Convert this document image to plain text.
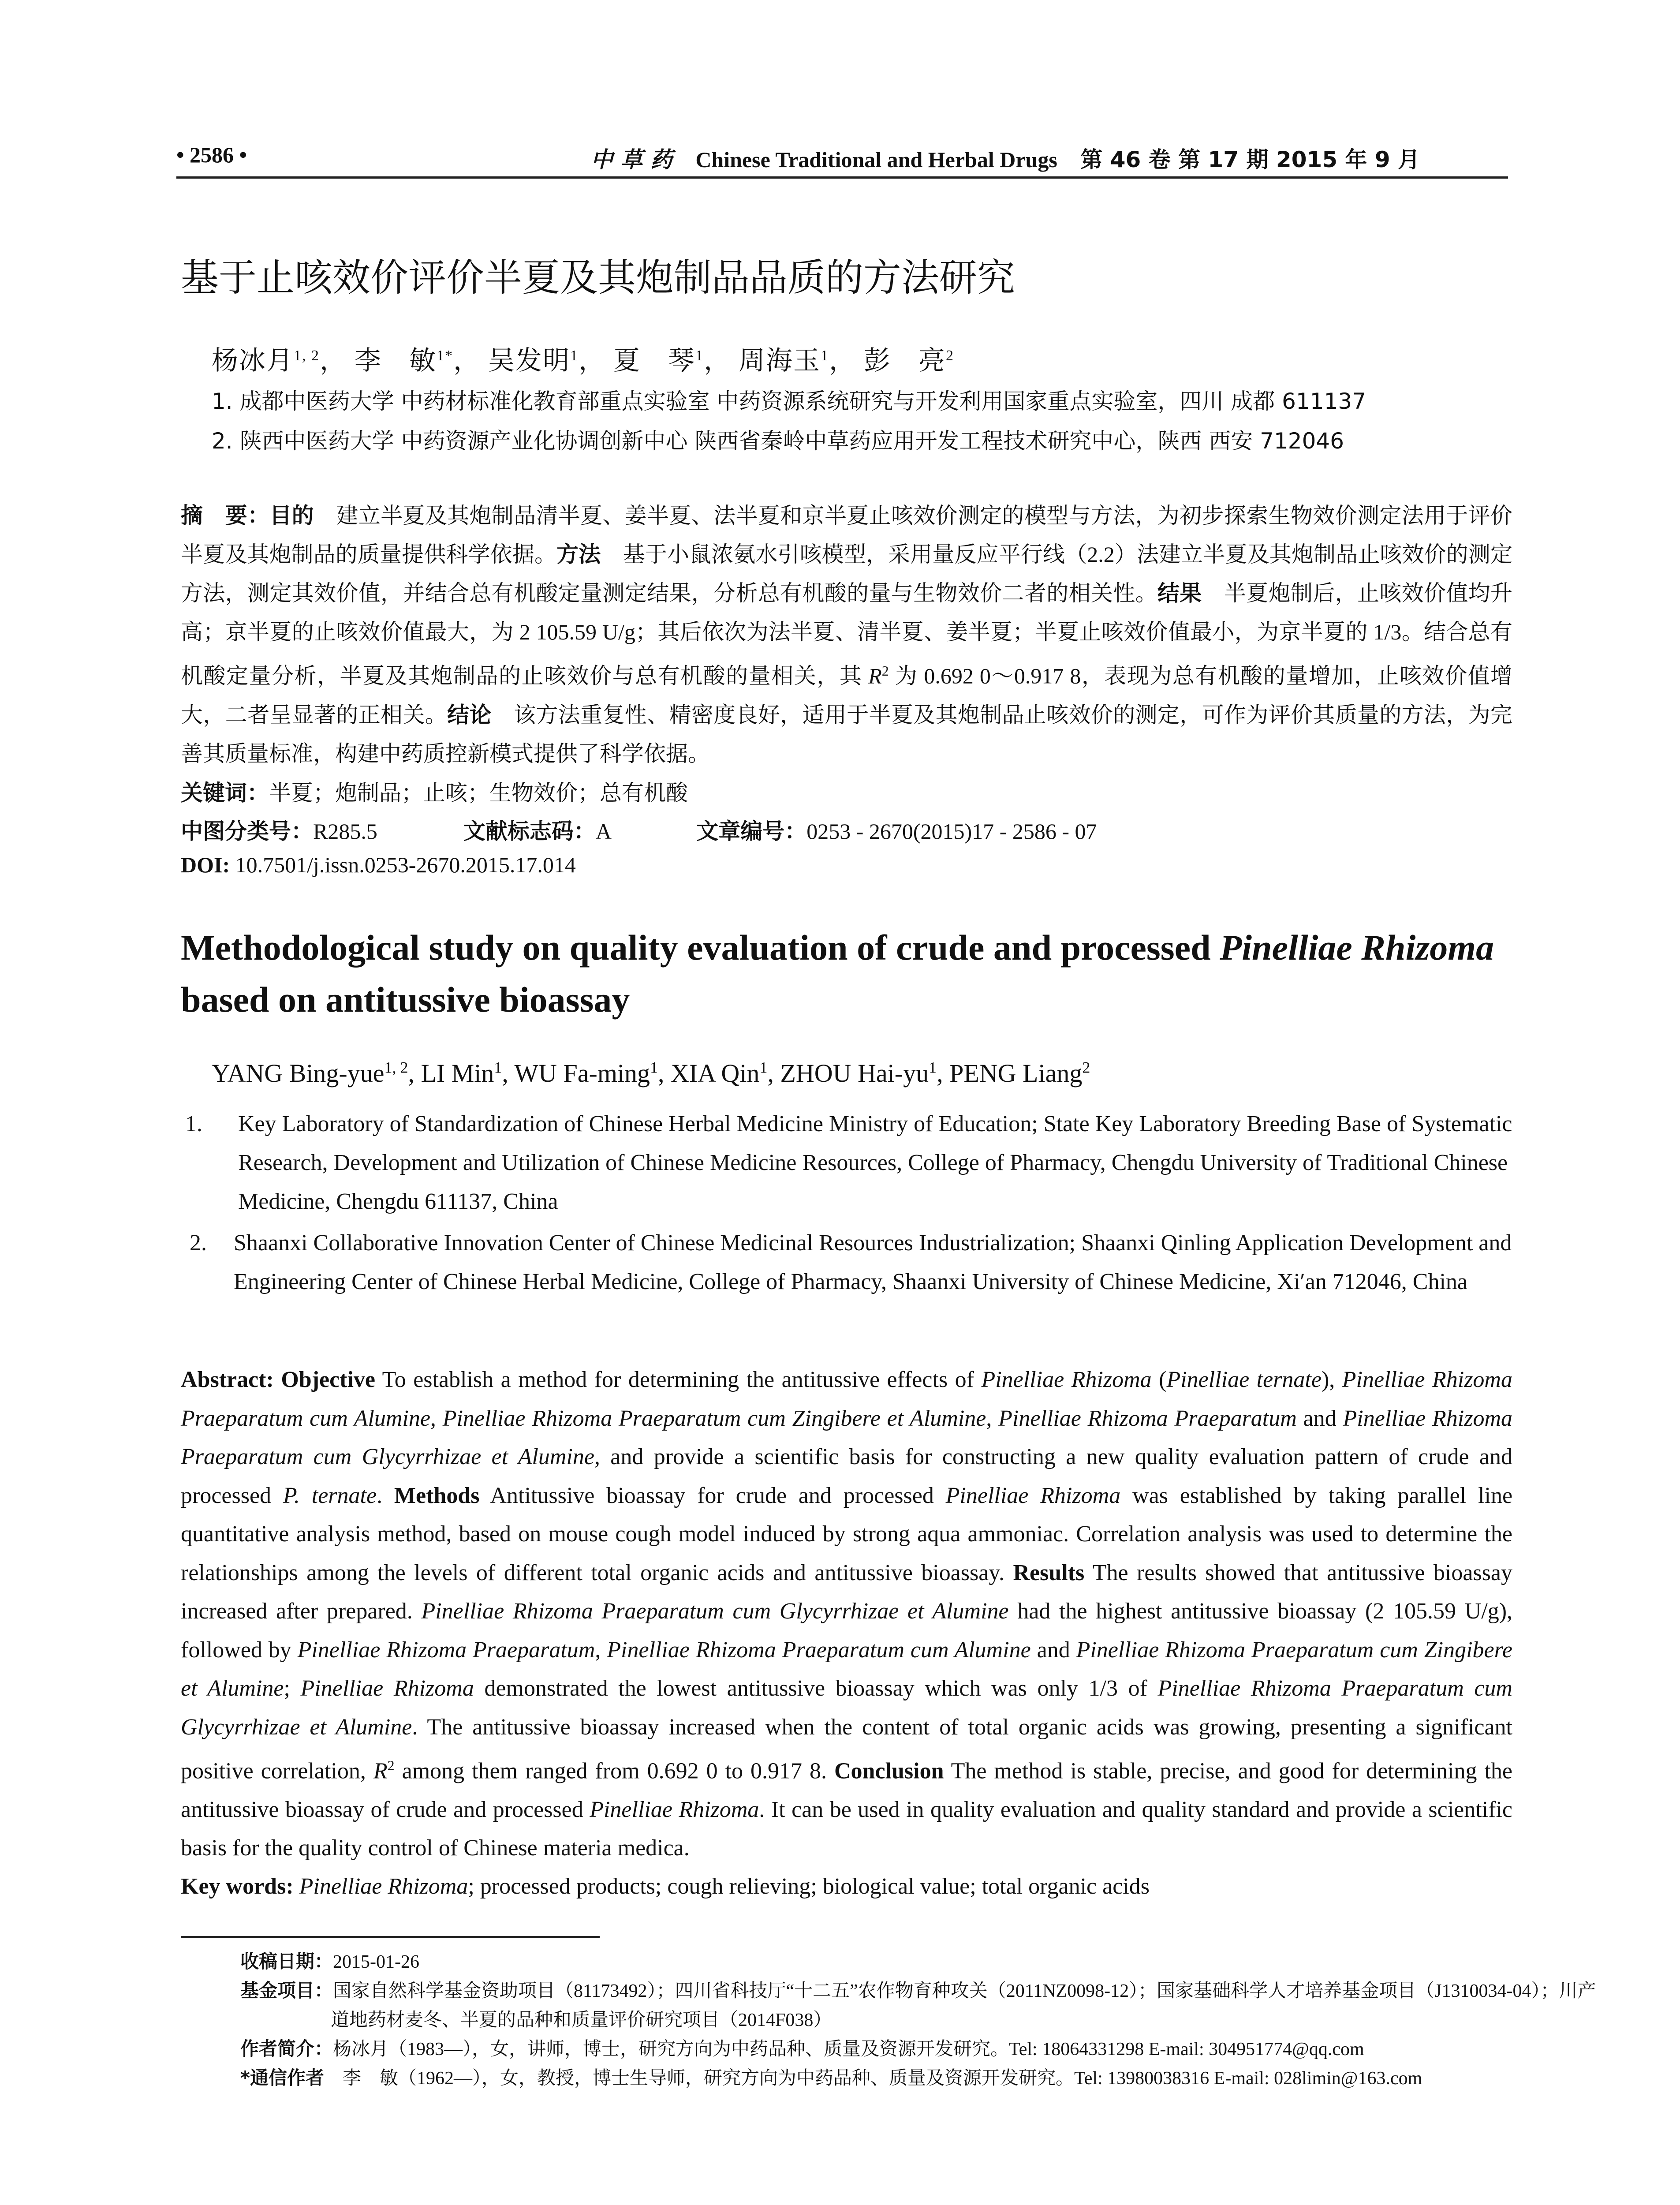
• 2586 •	中 草 药 Chinese Traditional and Herbal Drugs 第 46 卷 第 17 期 2015 年 9 月
基于止咳效价评价半夏及其炮制品品质的方法研究
杨冰月$^{1, 2}$， 李　敏$^{1*}$， 吴发明$^1$， 夏　琴$^1$， 周海玉$^1$， 彭　亮$^2$
1. 成都中医药大学 中药材标准化教育部重点实验室 中药资源系统研究与开发利用国家重点实验室，四川 成都 611137
2. 陕西中医药大学 中药资源产业化协调创新中心 陕西省秦岭中草药应用开发工程技术研究中心，陕西 西安 712046
摘　要：目的　建立半夏及其炮制品清半夏、姜半夏、法半夏和京半夏止咳效价测定的模型与方法，为初步探索生物效价测定法用于评价半夏及其炮制品的质量提供科学依据。方法　基于小鼠浓氨水引咳模型，采用量反应平行线（2.2）法建立半夏及其炮制品止咳效价的测定方法，测定其效价值，并结合总有机酸定量测定结果，分析总有机酸的量与生物效价二者的相关性。结果　半夏炮制后，止咳效价值均升高；京半夏的止咳效价值最大，为 2 105.59 U/g；其后依次为法半夏、清半夏、姜半夏；半夏止咳效价值最小，为京半夏的 1/3。结合总有机酸定量分析，半夏及其炮制品的止咳效价与总有机酸的量相关，其 $R^2$ 为 0.692 0～0.917 8，表现为总有机酸的量增加，止咳效价值增大，二者呈显著的正相关。结论　该方法重复性、精密度良好，适用于半夏及其炮制品止咳效价的测定，可作为评价其质量的方法，为完善其质量标准，构建中药质控新模式提供了科学依据。
关键词：半夏；炮制品；止咳；生物效价；总有机酸
中图分类号：R285.5	文献标志码：A	文章编号：0253 - 2670(2015)17 - 2586 - 07
DOI: 10.7501/j.issn.0253-2670.2015.17.014
Methodological study on quality evaluation of crude and processed Pinelliae Rhizoma based on antitussive bioassay
YANG Bing-yue$^{1, 2}$, LI Min$^1$, WU Fa-ming$^1$, XIA Qin$^1$, ZHOU Hai-$yu^1$, PENG Liang$^2$
1. Key Laboratory of Standardization of Chinese Herbal Medicine Ministry of Education; State Key Laboratory Breeding Base of Systematic Research, Development and Utilization of Chinese Medicine Resources, College of Pharmacy, Chengdu University of Traditional Chinese Medicine, Chengdu 611137, China
2. Shaanxi Collaborative Innovation Center of Chinese Medicinal Resources Industrialization; Shaanxi Qinling Application Development and Engineering Center of Chinese Herbal Medicine, College of Pharmacy, Shaanxi University of Chinese Medicine, Xi′an 712046, China
Abstract: Objective To establish a method for determining the antitussive effects of Pinelliae Rhizoma (Pinelliae ternate), Pinelliae Rhizoma Praeparatum cum Alumine, Pinelliae Rhizoma Praeparatum cum Zingibere et Alumine, Pinelliae Rhizoma Praeparatum and Pinelliae Rhizoma Praeparatum cum Glycyrrhizae et Alumine, and provide a scientific basis for constructing a new quality evaluation pattern of crude and processed P. ternate. Methods Antitussive bioassay for crude and processed Pinelliae Rhizoma was established by taking parallel line quantitative analysis method, based on mouse cough model induced by strong aqua ammoniac. Correlation analysis was used to determine the relationships among the levels of different total organic acids and antitussive bioassay. Results The results showed that antitussive bioassay increased after prepared. Pinelliae Rhizoma Praeparatum cum Glycyrrhizae et Alumine had the highest antitussive bioassay (2 105.59 U/g), followed by Pinelliae Rhizoma Praeparatum, Pinelliae Rhizoma Praeparatum cum Alumine and Pinelliae Rhizoma Praeparatum cum Zingibere et Alumine; Pinelliae Rhizoma demonstrated the lowest antitussive bioassay which was only 1/3 of Pinelliae Rhizoma Praeparatum cum Glycyrrhizae et Alumine. The antitussive bioassay increased when the content of total organic acids was growing, presenting a significant positive correlation, $R^2$ among them ranged from 0.692 0 to 0.917 8. Conclusion The method is stable, precise, and good for determining the antitussive bioassay of crude and processed Pinelliae Rhizoma. It can be used in quality evaluation and quality standard and provide a scientific basis for the quality control of Chinese materia medica.
Key words: Pinelliae Rhizoma; processed products; cough relieving; biological value; total organic acids
收稿日期：2015-01-26
基金项目：国家自然科学基金资助项目（81173492）；四川省科技厅“十二五”农作物育种攻关（2011NZ0098-12）；国家基础科学人才培养基金项目（J1310034-04）；川产道地药材麦冬、半夏的品种和质量评价研究项目（2014F038）
作者简介：杨冰月（1983—），女，讲师，博士，研究方向为中药品种、质量及资源开发研究。Tel: 18064331298 E-mail: 304951774@qq.com
*通信作者　李　敏（1962—），女，教授，博士生导师，研究方向为中药品种、质量及资源开发研究。Tel: 13980038316 E-mail: 028limin@163.com
